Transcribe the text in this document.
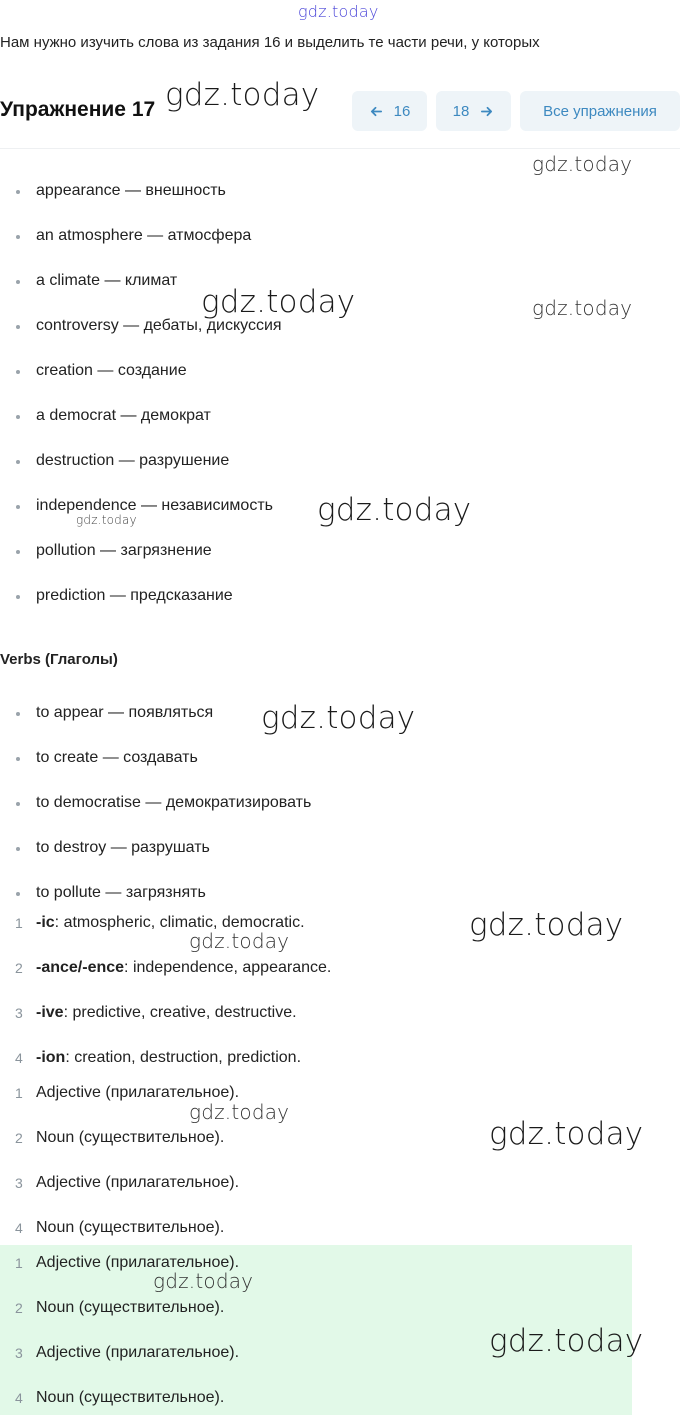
gdz.today
Нам нужно изучить слова из задания 16 и выделить те части речи, у которых
Упражнение 17	16	18	Все упражнения
appearance — внешность
an atmosphere — атмосфера
a climate — климат
controversy — дебаты, дискуссия
creation — создание
a democrat — демократ
destruction — разрушение
independence — независимость
pollution — загрязнение
prediction — предсказание
Verbs (Глаголы)
to appear — появляться
to create — создавать
to democratise — демократизировать
to destroy — разрушать
to pollute — загрязнять
1 -ic: atmospheric, climatic, democratic.
2 -ance/-ence: independence, appearance.
3 -ive: predictive, creative, destructive.
4 -ion: creation, destruction, prediction.
1 Adjective (прилагательное).
2 Noun (существительное).
3 Adjective (прилагательное).
4 Noun (существительное).
1 Adjective (прилагательное).
2 Noun (существительное).
3 Adjective (прилагательное).
4 Noun (существительное).
gdz.today
gdz.today
gdz.today	gdz.today
gdz.today
gdz.today
gdz.today
gdz.today
gdz.today
gdz.today
gdz.today
gdz.today
gdz.today
